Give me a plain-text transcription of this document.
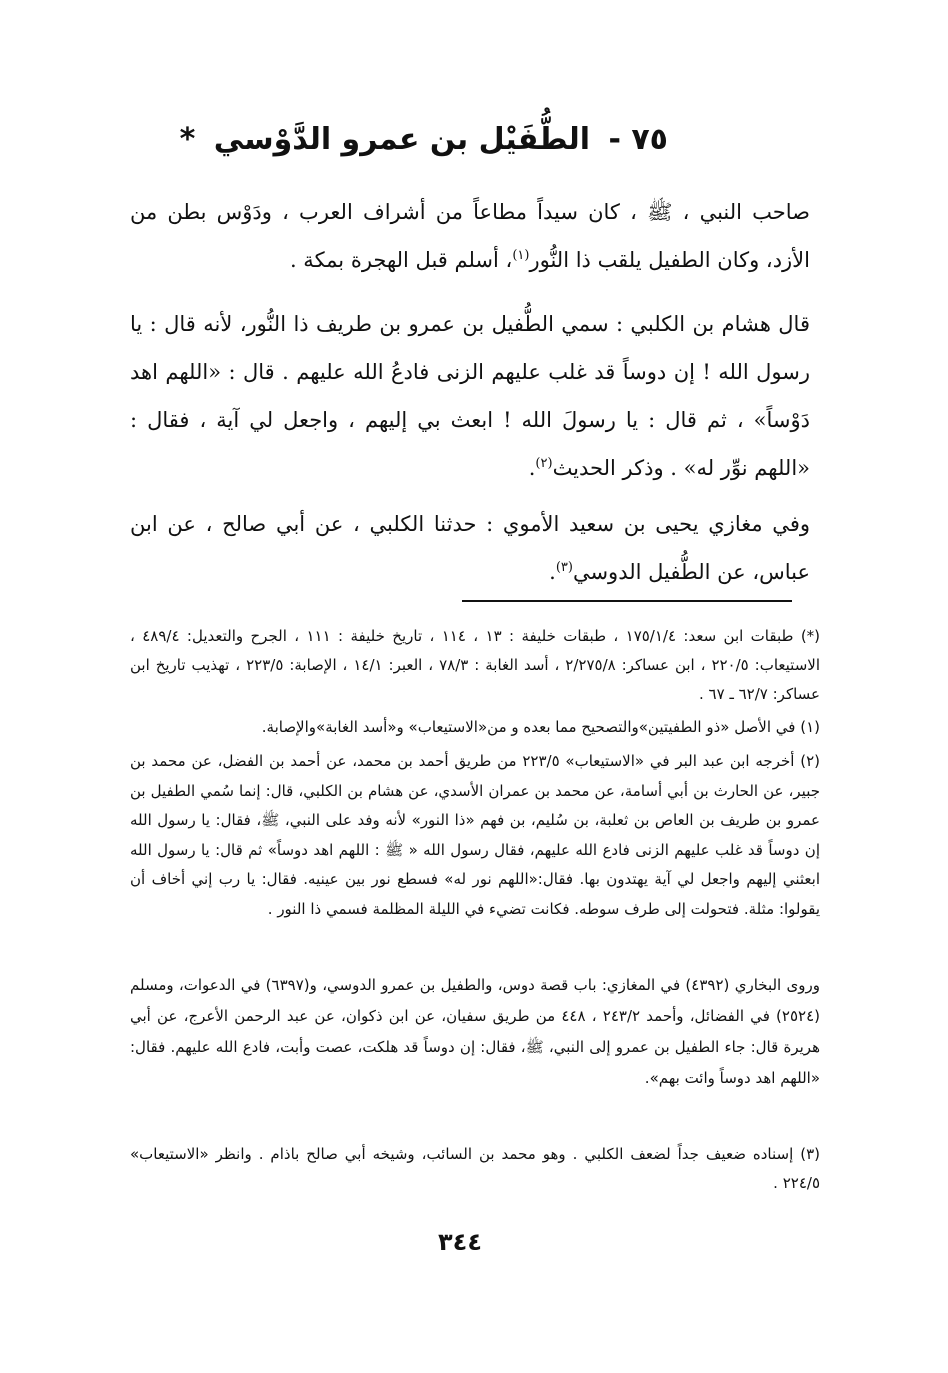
٧٥ - الطُّفَيْل بن عمرو الدَّوْسي *
صاحب النبي ، ﷺ ، كان سيداً مطاعاً من أشراف العرب ، ودَوْس بطن من الأزد، وكان الطفيل يلقب ذا النُّور$^{(١)}$، أسلم قبل الهجرة بمكة .
قال هشام بن الكلبي : سمي الطُّفيل بن عمرو بن طريف ذا النُّور، لأنه قال : يا رسول الله ! إن دوساً قد غلب عليهم الزنى فادعُ الله عليهم . قال : «اللهم اهد دَوْساً» ، ثم قال : يا رسولَ الله ! ابعث بي إليهم ، واجعل لي آية ، فقال : «اللهم نوِّر له» . وذكر الحديث$^{(٢)}$.
وفي مغازي يحيى بن سعيد الأموي : حدثنا الكلبي ، عن أبي صالح ، عن ابن عباس، عن الطُّفيل الدوسي$^{(٣)}$.

(*) طبقات ابن سعد: ١٧٥/١/٤ ، طبقات خليفة : ١٣ ، ١١٤ ، تاريخ خليفة : ١١١ ، الجرح والتعديل: ٤٨٩/٤ ، الاستيعاب: ٢٢٠/٥ ، ابن عساكر: ٢/٢٧٥/٨ ، أسد الغابة : ٧٨/٣ ، العبر: ١٤/١ ، الإصابة: ٢٢٣/٥ ، تهذيب تاريخ ابن عساكر: ٦٢/٧ ـ ٦٧ .

(١) في الأصل «ذو الطفيتين»والتصحيح مما بعده و من«الاستيعاب» و«أسد الغابة»والإصابة.

(٢) أخرجه ابن عبد البر في «الاستيعاب» ٢٢٣/٥ من طريق أحمد بن محمد، عن أحمد بن الفضل، عن محمد بن جبير، عن الحارث بن أبي أسامة، عن محمد بن عمران الأسدي، عن هشام بن الكلبي، قال: إنما سُمي الطفيل بن عمرو بن طريف بن العاص بن ثعلبة، بن سُليم، بن فهم «ذا النور» لأنه وفد على النبي، ﷺ، فقال: يا رسول الله إن دوساً قد غلب عليهم الزنى فادع الله عليهم، فقال رسول الله « ﷺ : اللهم اهد دوساً» ثم قال: يا رسول الله ابعثني إليهم واجعل لي آية يهتدون بها. فقال:«اللهم نور له» فسطع نور بين عينيه. فقال: يا رب إني أخاف أن يقولوا: مثلة. فتحولت إلى طرف سوطه. فكانت تضيء في الليلة المظلمة فسمي ذا النور .

وروى البخاري (٤٣٩٢) في المغازي: باب قصة دوس، والطفيل بن عمرو الدوسي، و(٦٣٩٧) في الدعوات، ومسلم (٢٥٢٤) في الفضائل، وأحمد ٢٤٣/٢ ، ٤٤٨ من طريق سفيان، عن ابن ذكوان، عن عبد الرحمن الأعرج، عن أبي هريرة قال: جاء الطفيل بن عمرو إلى النبي، ﷺ، فقال: إن دوساً قد هلكت، عصت وأبت، فادع الله عليهم. فقال: «اللهم اهد دوساً وائت بهم».

(٣) إسناده ضعيف جداً لضعف الكلبي . وهو محمد بن السائب، وشيخه أبي صالح باذام . وانظر «الاستيعاب» ٢٢٤/٥ .

٣٤٤
